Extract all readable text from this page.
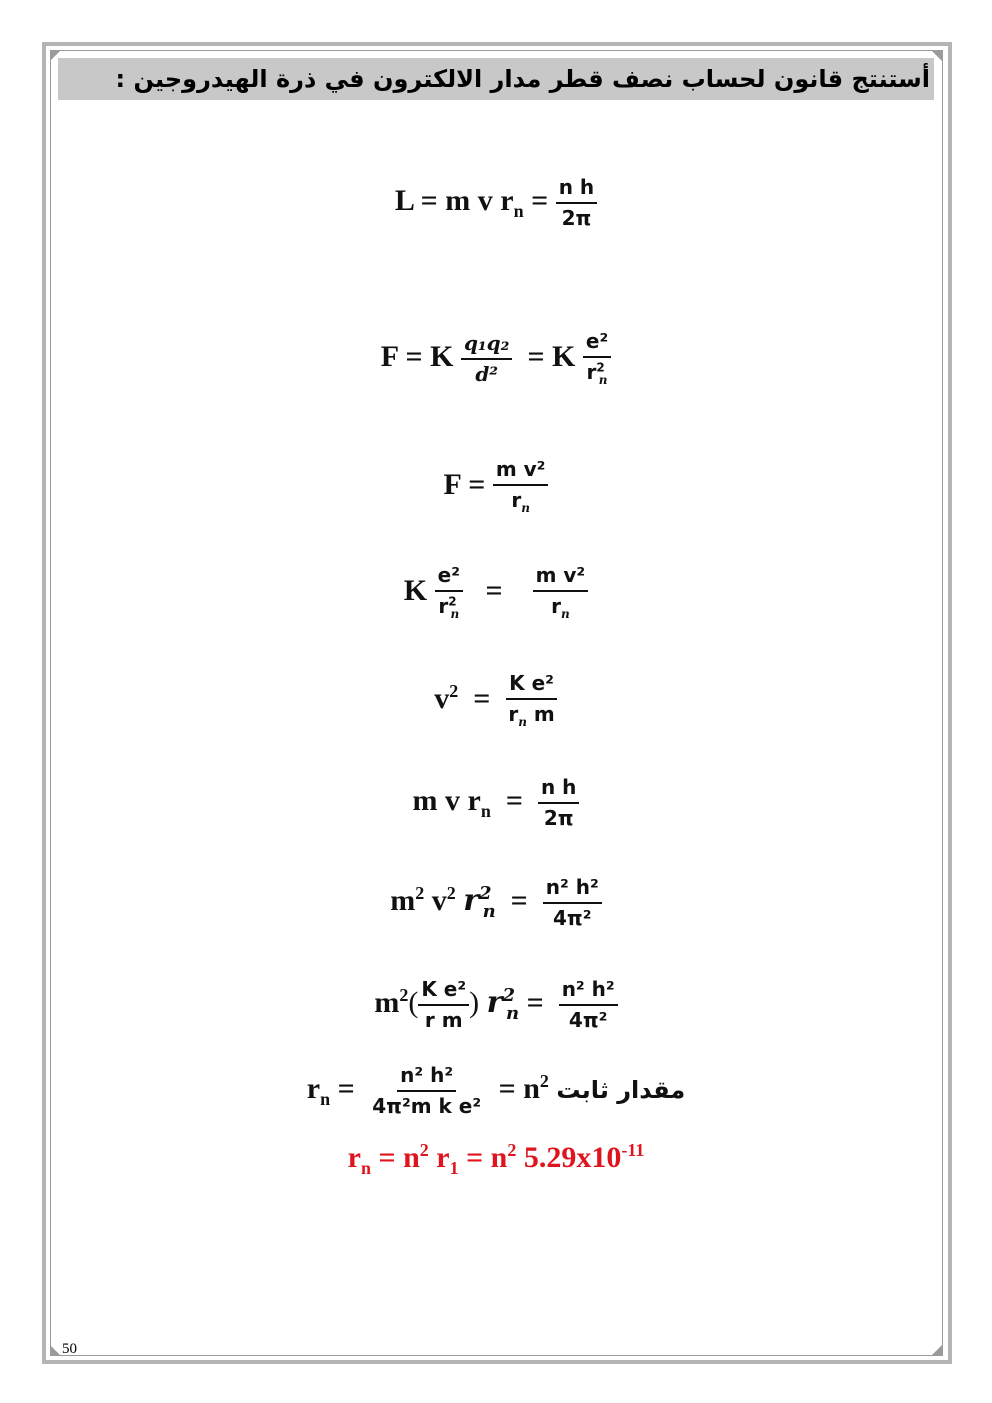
أستنتج قانون لحساب نصف قطر مدار الالكترون في ذرة الهيدروجين :
L = m v $r_n = \frac{\text{n h}}{2\pi}$
F = K $\frac{\text{q₁q₂}}{\text{d²}} = K \frac{\text{e²}}{r^2_n}$
$F = \frac{\text{m v²}}{r_n}$
K $\frac{\text{e²}}{r^2_n} = \frac{\text{m v²}}{r_n}$
$v^2 = \frac{\text{K e²}}{r_n m}$
m v $r_n = \frac{\text{n h}}{2\pi}$
$m^2$ $v^2$ $r^2_n = \frac{\text{n² h²}}{\text{4π²}}$
$m^2( \frac{\text{K e²}}{\text{r m}}$ ) $r^2_n = \frac{\text{n² h²}}{\text{4π²}}$
$r_n = \frac{\text{n² h²}}{\text{4π²m k e²}} = n^2$ مقدار ثابت
$r_n = n^2$ $r_1 = n^2$ $5.29x10^{-11}$
50
